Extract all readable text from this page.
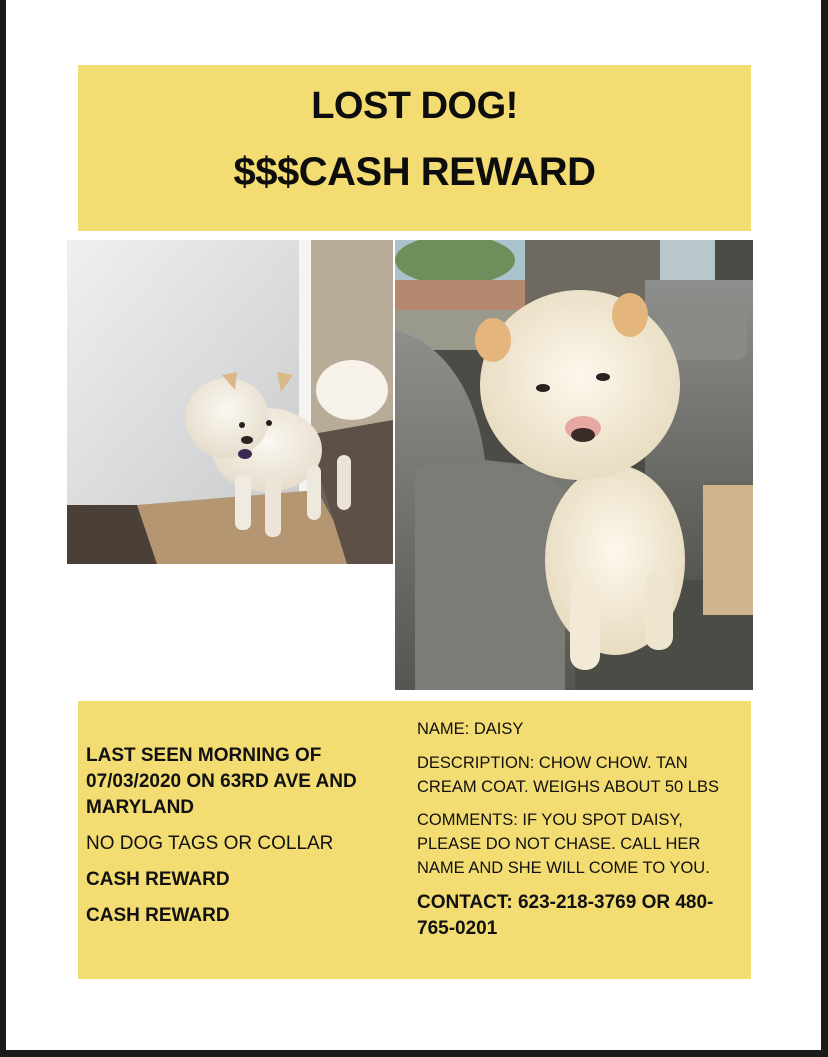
LOST DOG!
$$$CASH REWARD
LAST SEEN MORNING OF 07/03/2020 ON 63RD AVE AND MARYLAND
NO DOG TAGS OR COLLAR
CASH REWARD
CASH REWARD
NAME: DAISY
DESCRIPTION: CHOW CHOW. TAN CREAM COAT. WEIGHS ABOUT 50 LBS
COMMENTS: IF YOU SPOT DAISY, PLEASE DO NOT CHASE. CALL HER NAME AND SHE WILL COME TO YOU.
CONTACT: 623-218-3769 OR 480-765-0201
